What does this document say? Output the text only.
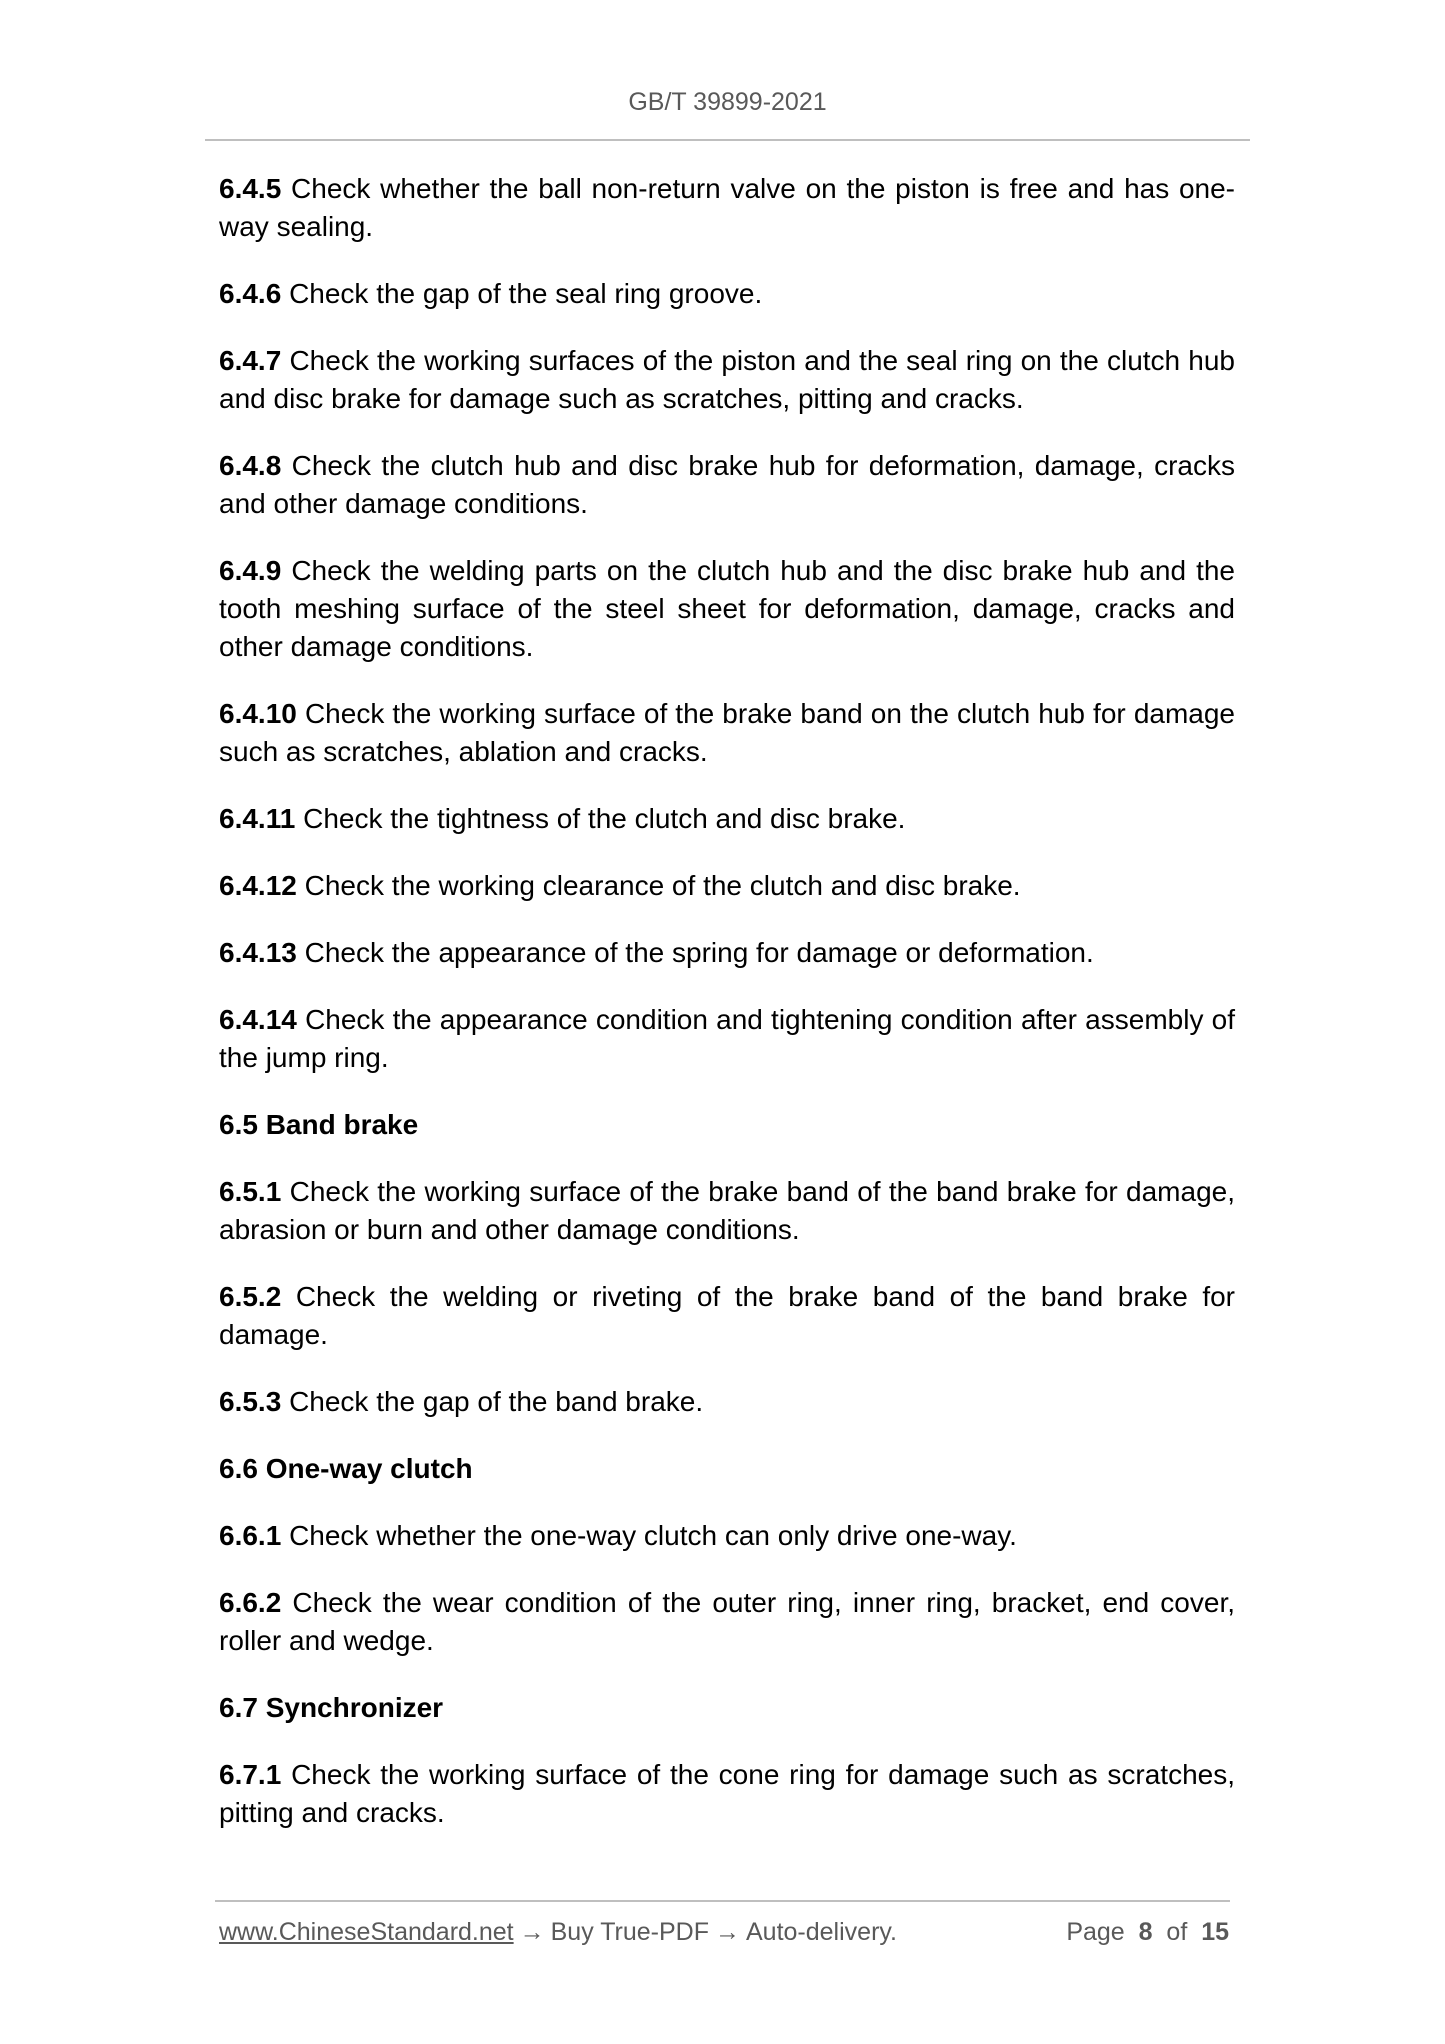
GB/T 39899-2021

6.4.5 Check whether the ball non-return valve on the piston is free and has one-way sealing.

6.4.6 Check the gap of the seal ring groove.

6.4.7 Check the working surfaces of the piston and the seal ring on the clutch hub and disc brake for damage such as scratches, pitting and cracks.

6.4.8 Check the clutch hub and disc brake hub for deformation, damage, cracks and other damage conditions.

6.4.9 Check the welding parts on the clutch hub and the disc brake hub and the tooth meshing surface of the steel sheet for deformation, damage, cracks and other damage conditions.

6.4.10 Check the working surface of the brake band on the clutch hub for damage such as scratches, ablation and cracks.

6.4.11 Check the tightness of the clutch and disc brake.

6.4.12 Check the working clearance of the clutch and disc brake.

6.4.13 Check the appearance of the spring for damage or deformation.

6.4.14 Check the appearance condition and tightening condition after assembly of the jump ring.

6.5 Band brake

6.5.1 Check the working surface of the brake band of the band brake for damage, abrasion or burn and other damage conditions.

6.5.2 Check the welding or riveting of the brake band of the band brake for damage.

6.5.3 Check the gap of the band brake.

6.6 One-way clutch

6.6.1 Check whether the one-way clutch can only drive one-way.

6.6.2 Check the wear condition of the outer ring, inner ring, bracket, end cover, roller and wedge.

6.7 Synchronizer

6.7.1 Check the working surface of the cone ring for damage such as scratches, pitting and cracks.

www.ChineseStandard.net → Buy True-PDF → Auto-delivery.	Page 8 of 15
